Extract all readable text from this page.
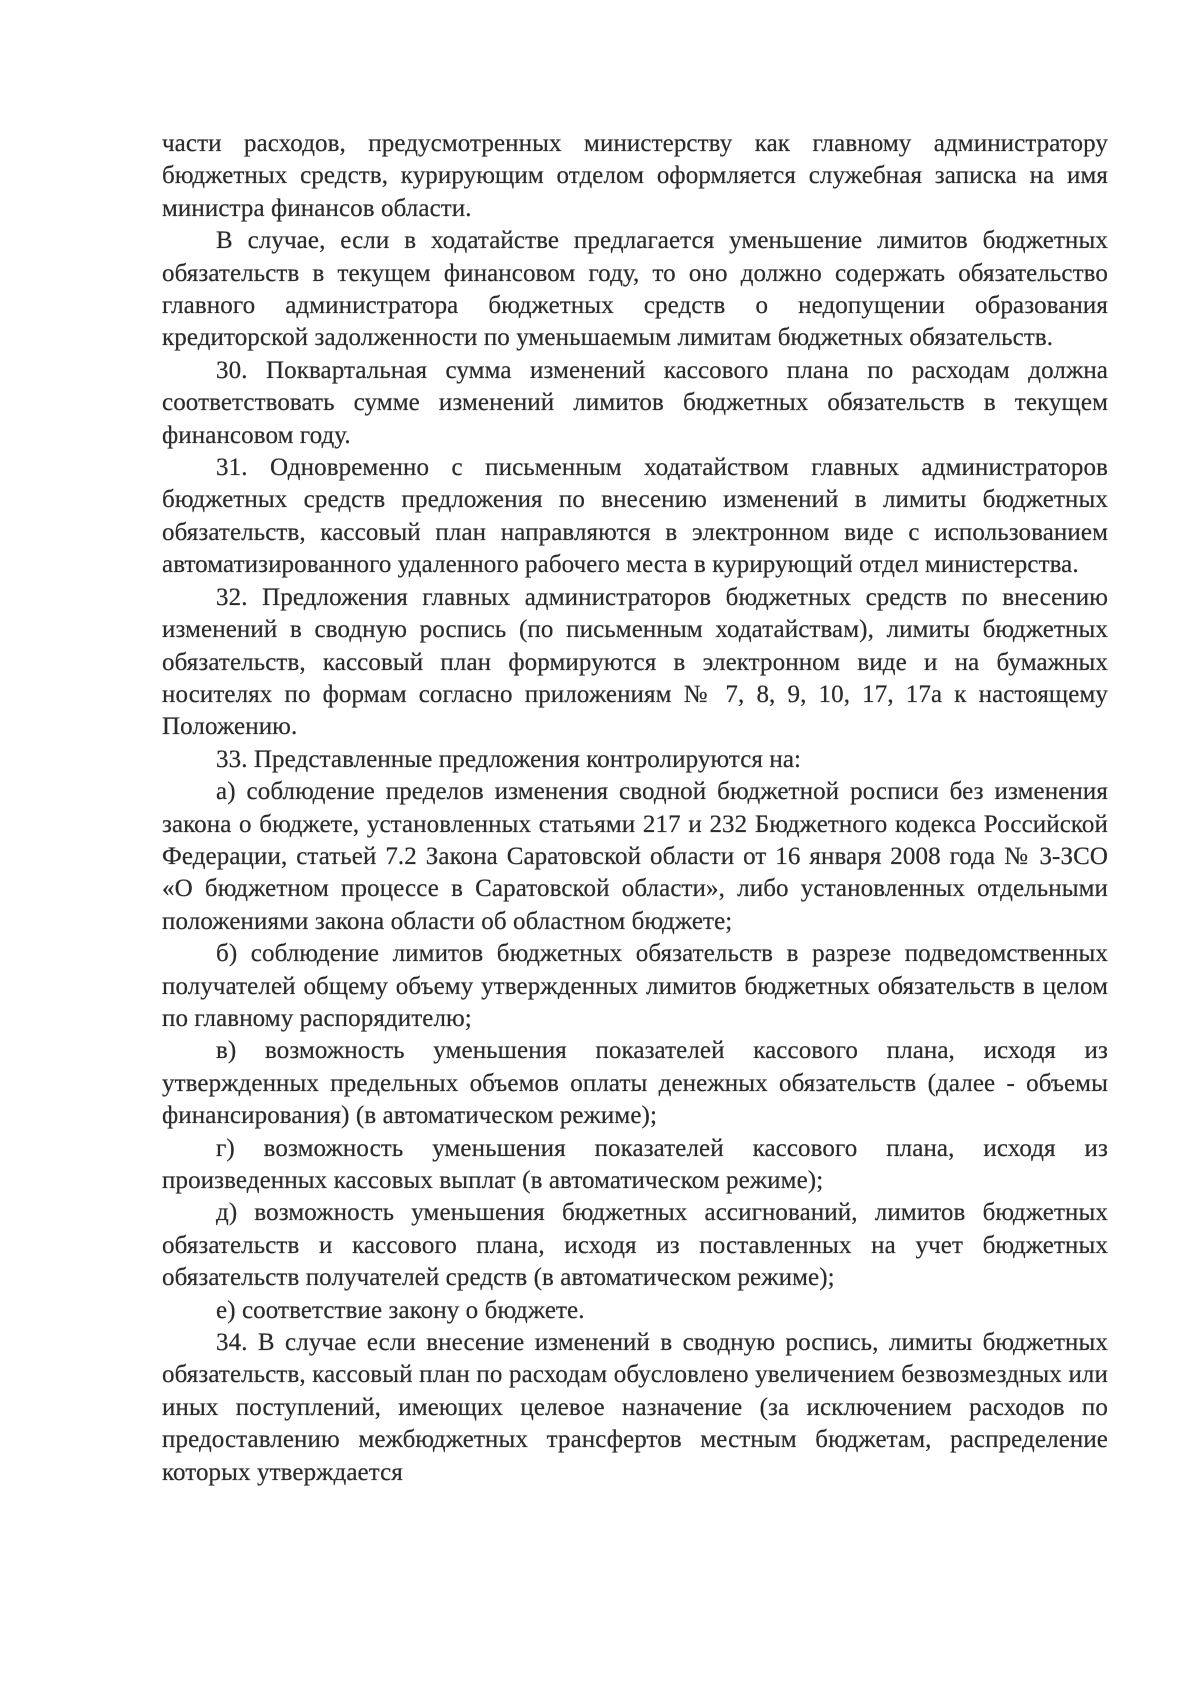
части расходов, предусмотренных министерству как главному администратору бюджетных средств, курирующим отделом оформляется служебная записка на имя министра финансов области.

В случае, если в ходатайстве предлагается уменьшение лимитов бюджетных обязательств в текущем финансовом году, то оно должно содержать обязательство главного администратора бюджетных средств о недопущении образования кредиторской задолженности по уменьшаемым лимитам бюджетных обязательств.

30. Поквартальная сумма изменений кассового плана по расходам должна соответствовать сумме изменений лимитов бюджетных обязательств в текущем финансовом году.

31. Одновременно с письменным ходатайством главных администраторов бюджетных средств предложения по внесению изменений в лимиты бюджетных обязательств, кассовый план направляются в электронном виде с использованием автоматизированного удаленного рабочего места в курирующий отдел министерства.

32. Предложения главных администраторов бюджетных средств по внесению изменений в сводную роспись (по письменным ходатайствам), лимиты бюджетных обязательств, кассовый план формируются в электронном виде и на бумажных носителях по формам согласно приложениям № 7, 8, 9, 10, 17, 17а к настоящему Положению.

33. Представленные предложения контролируются на:

а) соблюдение пределов изменения сводной бюджетной росписи без изменения закона о бюджете, установленных статьями 217 и 232 Бюджетного кодекса Российской Федерации, статьей 7.2 Закона Саратовской области от 16 января 2008 года № 3-ЗСО «О бюджетном процессе в Саратовской области», либо установленных отдельными положениями закона области об областном бюджете;

б) соблюдение лимитов бюджетных обязательств в разрезе подведомственных получателей общему объему утвержденных лимитов бюджетных обязательств в целом по главному распорядителю;

в) возможность уменьшения показателей кассового плана, исходя из утвержденных предельных объемов оплаты денежных обязательств (далее - объемы финансирования) (в автоматическом режиме);

г) возможность уменьшения показателей кассового плана, исходя из произведенных кассовых выплат (в автоматическом режиме);

д) возможность уменьшения бюджетных ассигнований, лимитов бюджетных обязательств и кассового плана, исходя из поставленных на учет бюджетных обязательств получателей средств (в автоматическом режиме);

е) соответствие закону о бюджете.

34. В случае если внесение изменений в сводную роспись, лимиты бюджетных обязательств, кассовый план по расходам обусловлено увеличением безвозмездных или иных поступлений, имеющих целевое назначение (за исключением расходов по предоставлению межбюджетных трансфертов местным бюджетам, распределение которых утверждается
